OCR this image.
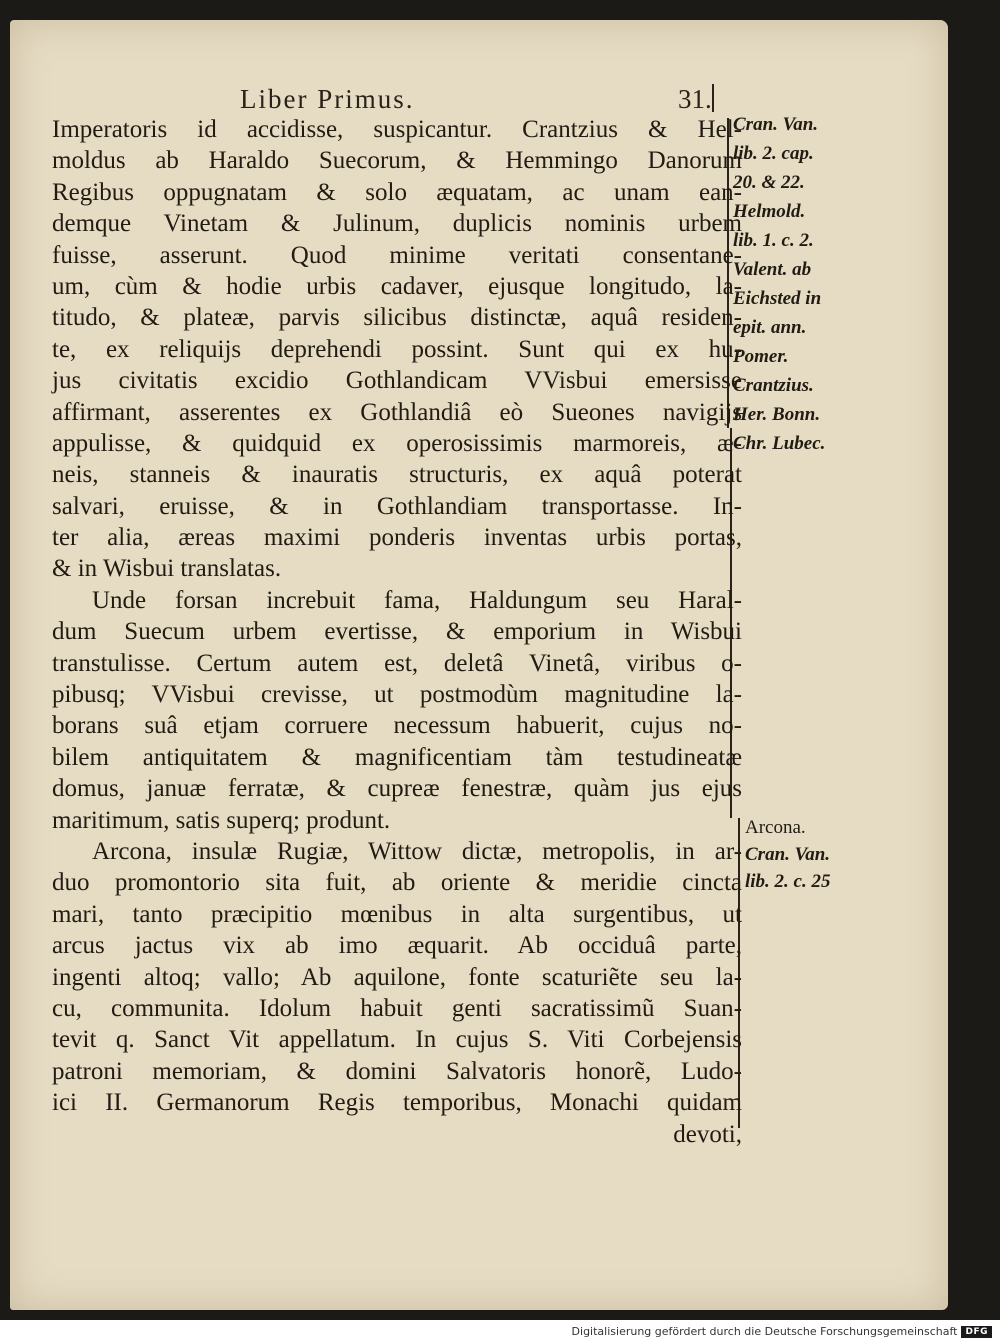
Liber Primus.	31.
Imperatoris id accidisse, suspicantur. Crantzius & Hel-
moldus ab Haraldo Suecorum, & Hemmingo Danorum
Regibus oppugnatam & solo æquatam, ac unam ean-
demque Vinetam & Julinum, duplicis nominis urbem
fuisse, asserunt. Quod minime veritati consentane-
um, cùm & hodie urbis cadaver, ejusque longitudo, la-
titudo, & plateæ, parvis silicibus distinctæ, aquâ residen-
te, ex reliquijs deprehendi possint. Sunt qui ex hu-
jus civitatis excidio Gothlandicam VVisbui emersisse
affirmant, asserentes ex Gothlandiâ eò Sueones navigijs
appulisse, & quidquid ex operosissimis marmoreis, æ-
neis, stanneis & inauratis structuris, ex aquâ poterat
salvari, eruisse, & in Gothlandiam transportasse. In-
ter alia, æreas maximi ponderis inventas urbis portas,
& in Wisbui translatas.
Unde forsan increbuit fama, Haldungum seu Haral-
dum Suecum urbem evertisse, & emporium in Wisbui
transtulisse. Certum autem est, deletâ Vinetâ, viribus o-
pibusq; VVisbui crevisse, ut postmodùm magnitudine la-
borans suâ etjam corruere necessum habuerit, cujus no-
bilem antiquitatem & magnificentiam tàm testudineatæ
domus, januæ ferratæ, & cupreæ fenestræ, quàm jus ejus
maritimum, satis superq; produnt.
Arcona, insulæ Rugiæ, Wittow dictæ, metropolis, in ar-
duo promontorio sita fuit, ab oriente & meridie cincta
mari, tanto præcipitio mœnibus in alta surgentibus, ut
arcus jactus vix ab imo æquarit. Ab occiduâ parte,
ingenti altoq; vallo; Ab aquilone, fonte scaturiẽte seu la-
cu, communita. Idolum habuit genti sacratissimũ Suan-
tevit q. Sanct Vit appellatum. In cujus S. Viti Corbejensis
patroni memoriam, & domini Salvatoris honorẽ, Ludo-
ici II. Germanorum Regis temporibus, Monachi quidam
devoti,
Cran. Van.
lib. 2. cap.
20. & 22.
Helmold.
lib. 1. c. 2.
Valent. ab
Eichsted in
epit. ann.
Pomer.
Crantzius.
Her. Bonn.
Chr. Lubec.
Arcona.
Cran. Van.
lib. 2. c. 25
Digitalisierung gefördert durch die Deutsche Forschungsgemeinschaft DFG
